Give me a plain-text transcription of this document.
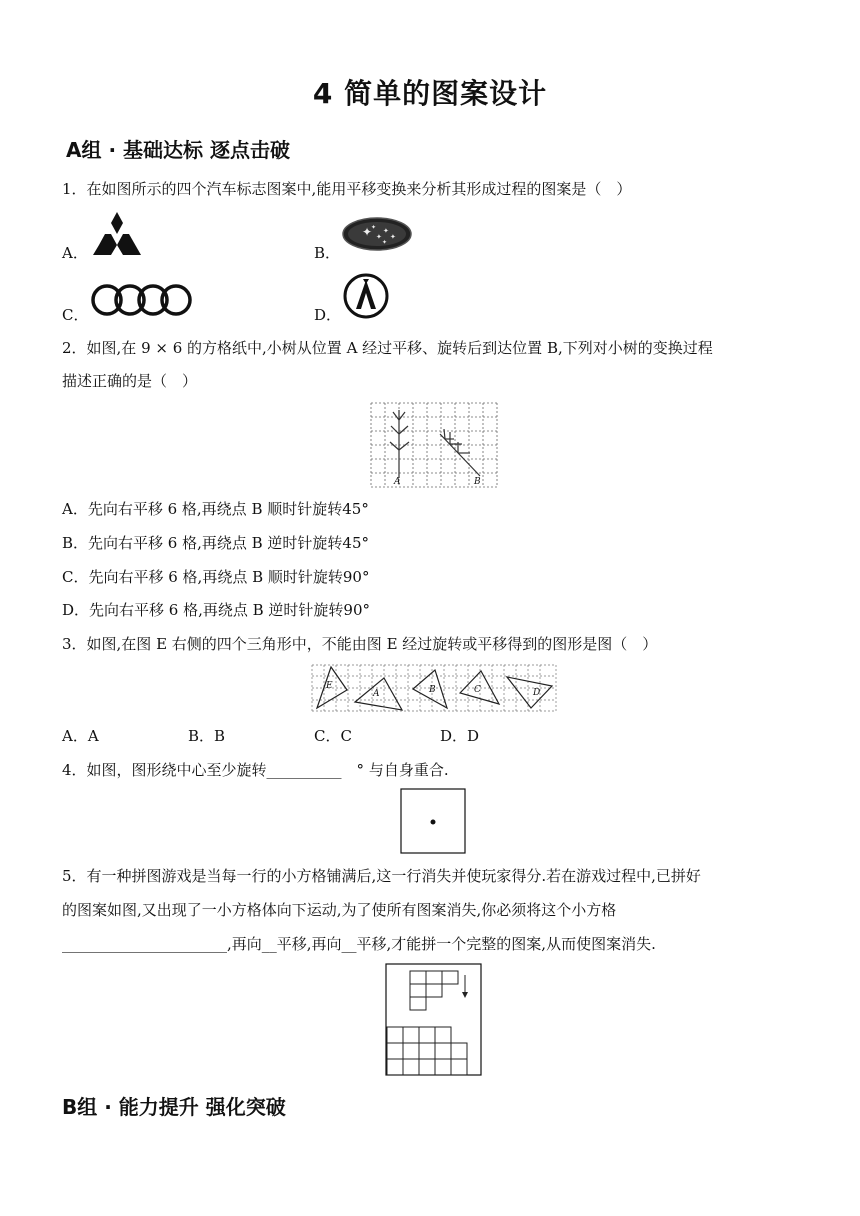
4 简单的图案设计
A组 · 基础达标 逐点击破
1．在如图所示的四个汽车标志图案中,能用平移变换来分析其形成过程的图案是（　）
A．	B．
✦ ✦
✦
✦
✦
✦
C．	D．
2．如图,在 9 × 6 的方格纸中,小树从位置 A 经过平移、旋转后到达位置 B,下列对小树的变换过程
描述正确的是（　）
A	B
A．先向右平移 6 格,再绕点 B 顺时针旋转45°
B．先向右平移 6 格,再绕点 B 逆时针旋转45°
C．先向右平移 6 格,再绕点 B 顺时针旋转90°
D．先向右平移 6 格,再绕点 B 逆时针旋转90°
3．如图,在图 E 右侧的四个三角形中，不能由图 E 经过旋转或平移得到的图形是图（　）
E
A	B	C	D
A．A	B．B	C．C	D．D
4．如图，图形绕中心至少旋转__________　° 与自身重合.
5．有一种拼图游戏是当每一行的小方格铺满后,这一行消失并使玩家得分.若在游戏过程中,已拼好
的图案如图,又出现了一小方格体向下运动,为了使所有图案消失,你必须将这个小方格
______________________,再向__平移,再向__平移,才能拼一个完整的图案,从而使图案消失.
B组 · 能力提升 强化突破
